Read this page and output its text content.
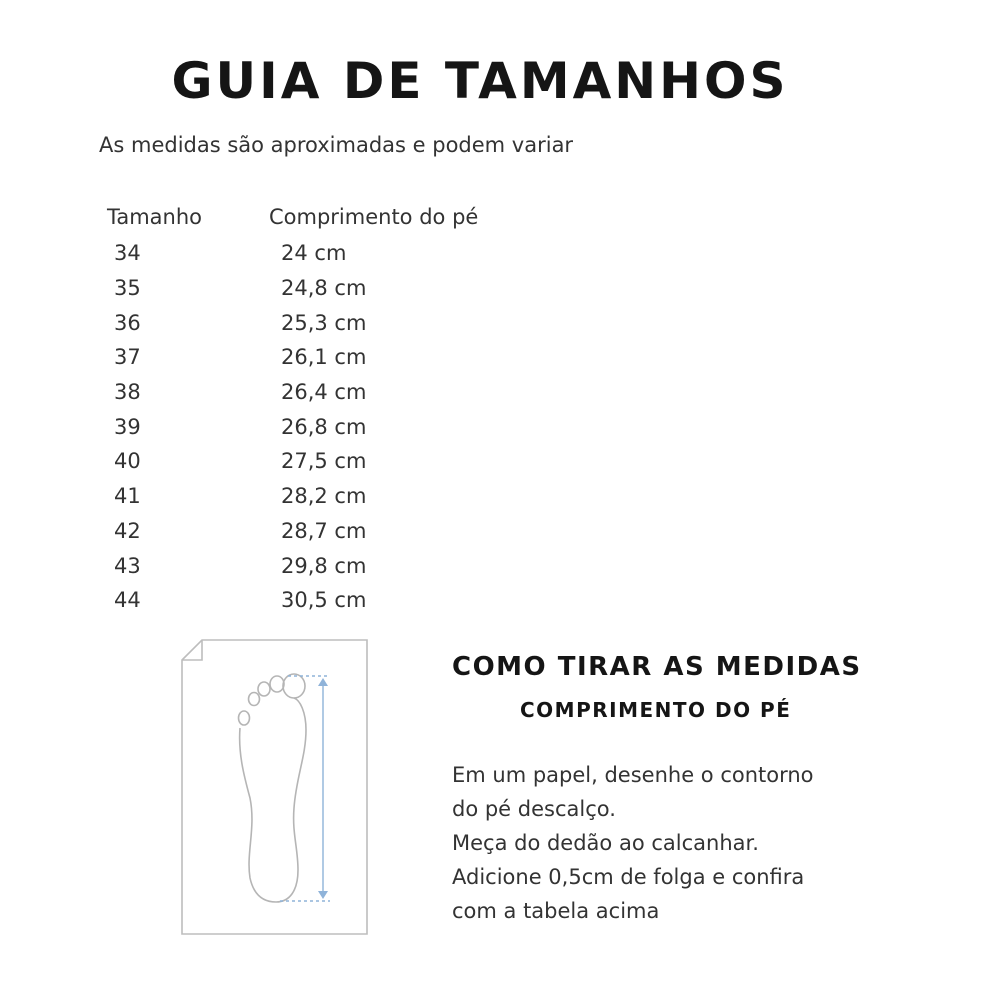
GUIA DE TAMANHOS

As medidas são aproximadas e podem variar

Tamanho	Comprimento do pé
34	24 cm
35	24,8 cm
36	25,3 cm
37	26,1 cm
38	26,4 cm
39	26,8 cm
40	27,5 cm
41	28,2 cm
42	28,7 cm
43	29,8 cm
44	30,5 cm
COMO TIRAR AS MEDIDAS
COMPRIMENTO DO PÉ
Em um papel, desenhe o contorno
do pé descalço.
Meça do dedão ao calcanhar.
Adicione 0,5cm de folga e confira
com a tabela acima
